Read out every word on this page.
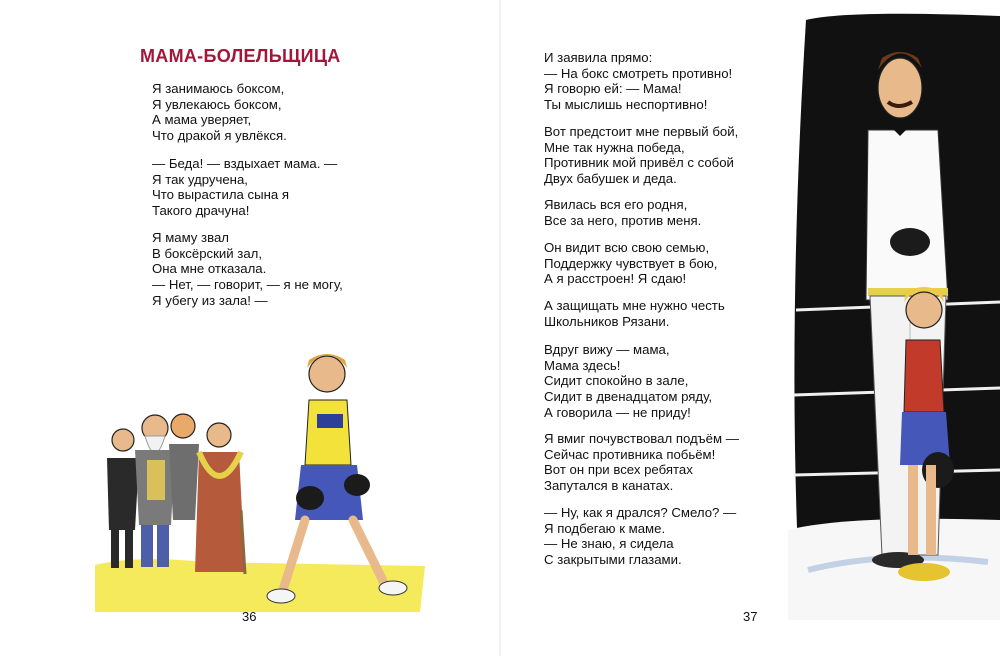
МАМА-БОЛЕЛЬЩИЦА
Я занимаюсь боксом,
Я увлекаюсь боксом,
А мама уверяет,
Что дракой я увлёкся.
— Беда! — вздыхает мама. —
Я так удручена,
Что вырастила сына я
Такого драчуна!
Я маму звал
В боксёрский зал,
Она мне отказала.
— Нет, — говорит, — я не могу,
Я убегу из зала! —
36
И заявила прямо:
— На бокс смотреть противно!
Я говорю ей: — Мама!
Ты мыслишь неспортивно!
Вот предстоит мне первый бой,
Мне так нужна победа,
Противник мой привёл с собой
Двух бабушек и деда.
Явилась вся его родня,
Все за него, против меня.
Он видит всю свою семью,
Поддержку чувствует в бою,
А я расстроен! Я сдаю!
А защищать мне нужно честь
Школьников Рязани.
Вдруг вижу — мама,
Мама здесь!
Сидит спокойно в зале,
Сидит в двенадцатом ряду,
А говорила — не приду!
Я вмиг почувствовал подъём —
Сейчас противника побьём!
Вот он при всех ребятах
Запутался в канатах.
— Ну, как я дрался? Смело? —
Я подбегаю к маме.
— Не знаю, я сидела
С закрытыми глазами.
37
